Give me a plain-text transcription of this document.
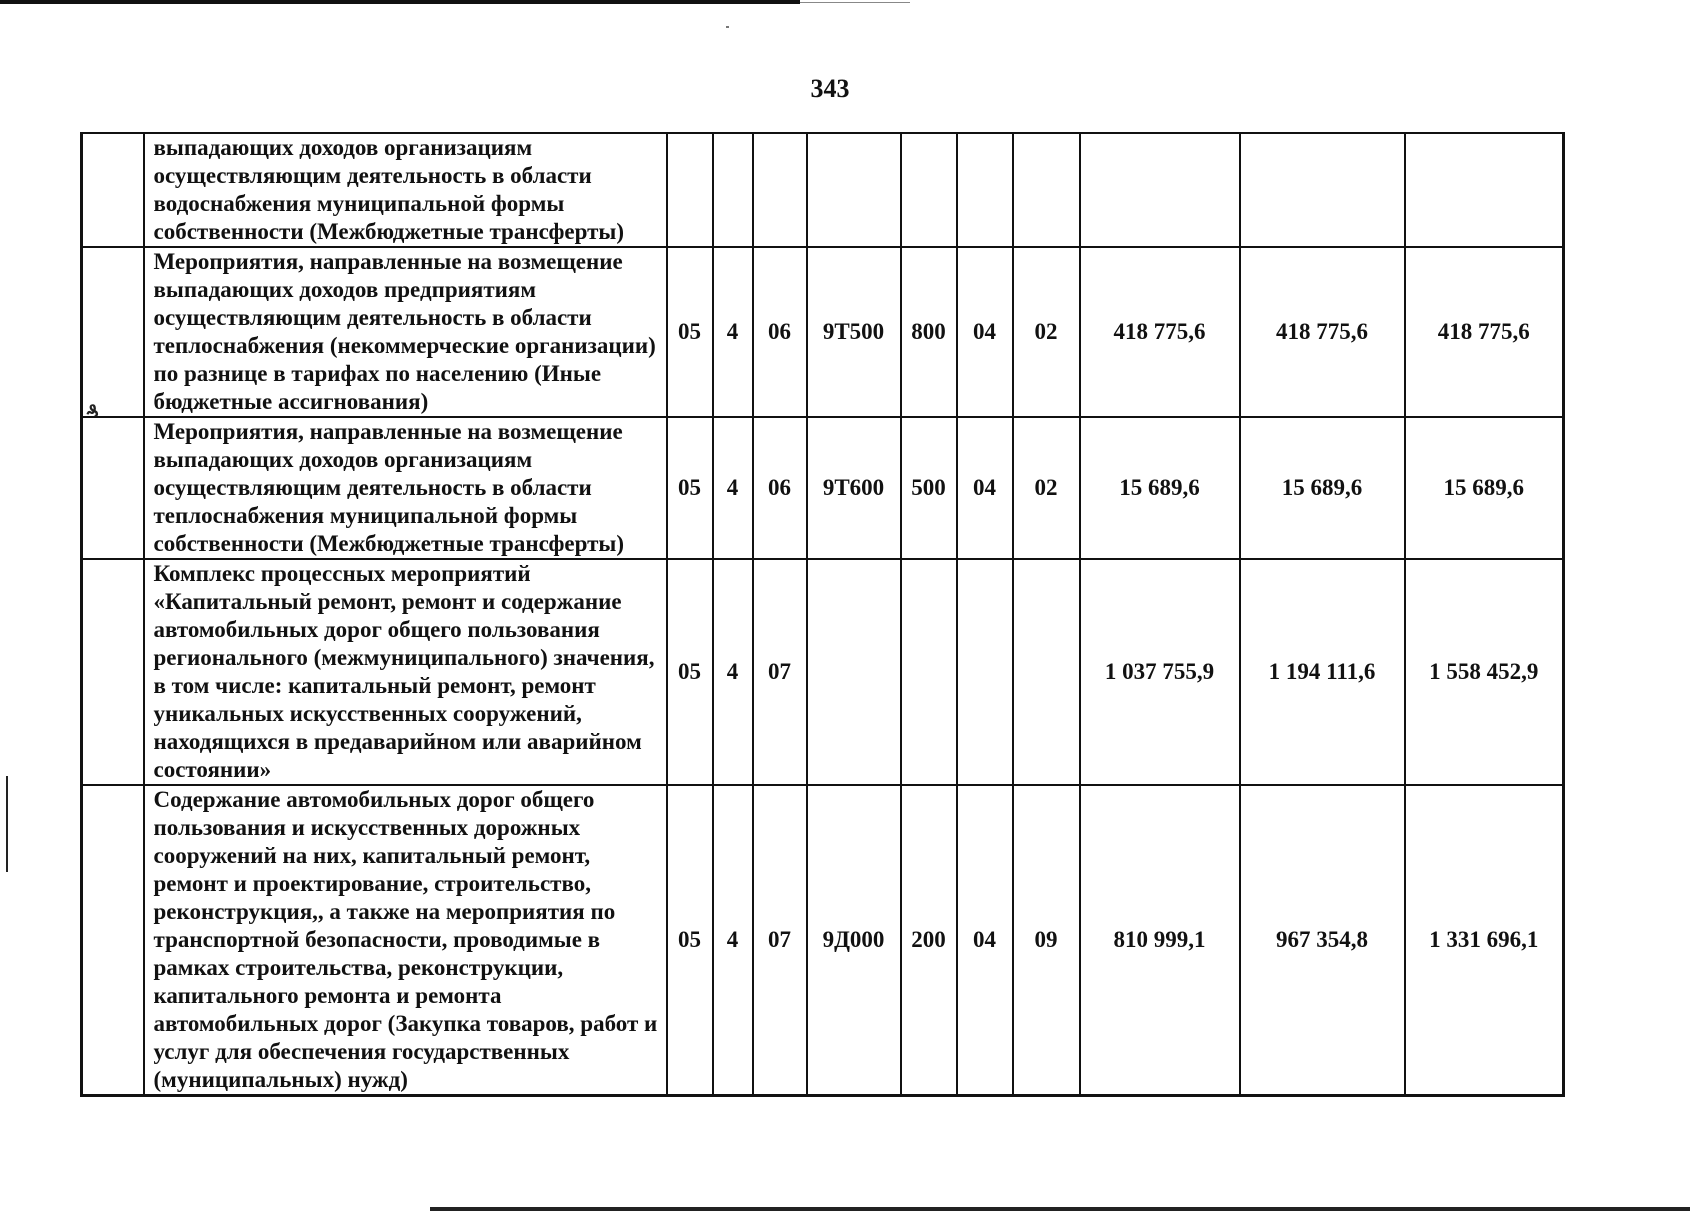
₰
343
	выпадающих доходов организациям осуществляющим деятельность в области водоснабжения муниципальной формы собственности (Межбюджетные трансферты)										
	Мероприятия, направленные на возмещение выпадающих доходов предприятиям осуществляющим деятельность в области теплоснабжения (некоммерческие организации) по разнице в тарифах по населению (Иные бюджетные ассигнования)	05	4	06	9Т500	800	04	02	418 775,6	418 775,6	418 775,6
	Мероприятия, направленные на возмещение выпадающих доходов организациям осуществляющим деятельность в области теплоснабжения муниципальной формы собственности (Межбюджетные трансферты)	05	4	06	9Т600	500	04	02	15 689,6	15 689,6	15 689,6
	Комплекс процессных мероприятий «Капитальный ремонт, ремонт и содержание автомобильных дорог общего пользования регионального (межмуниципального) значения, в том числе: капитальный ремонт, ремонт уникальных искусственных сооружений, находящихся в предаварийном или аварийном состоянии»	05	4	07					1 037 755,9	1 194 111,6	1 558 452,9
	Содержание автомобильных дорог общего пользования и искусственных дорожных сооружений на них, капитальный ремонт, ремонт и проектирование, строительство, реконструкция,, а также на мероприятия по транспортной безопасности, проводимые в рамках строительства, реконструкции, капитального ремонта и ремонта автомобильных дорог (Закупка товаров, работ и услуг для обеспечения государственных (муниципальных) нужд)	05	4	07	9Д000	200	04	09	810 999,1	967 354,8	1 331 696,1
